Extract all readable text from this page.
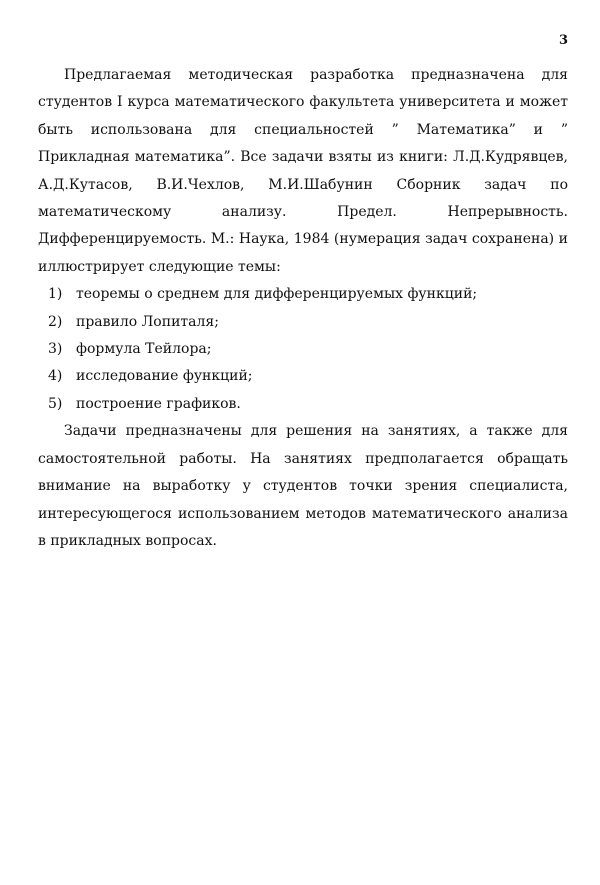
3

Предлагаемая методическая разработка предназначена для студентов I курса математического факультета университета и может быть использована для специальностей ” Математика” и ” Прикладная математика”. Все задачи взяты из книги: Л.Д.Кудрявцев, А.Д.Кутасов, В.И.Чехлов, М.И.Шабунин Сборник задач по математическому анализу. Предел. Непрерывность. Дифференцируемость. М.: Наука, 1984 (нумерация задач сохранена) и иллюстрирует следующие темы:

1) теоремы о среднем для дифференцируемых функций;
2) правило Лопиталя;
3) формула Тейлора;
4) исследование функций;
5) построение графиков.

Задачи предназначены для решения на занятиях, а также для самостоятельной работы. На занятиях предполагается обращать внимание на выработку у студентов точки зрения специалиста, интересующегося использованием методов математического анализа в прикладных вопросах.
